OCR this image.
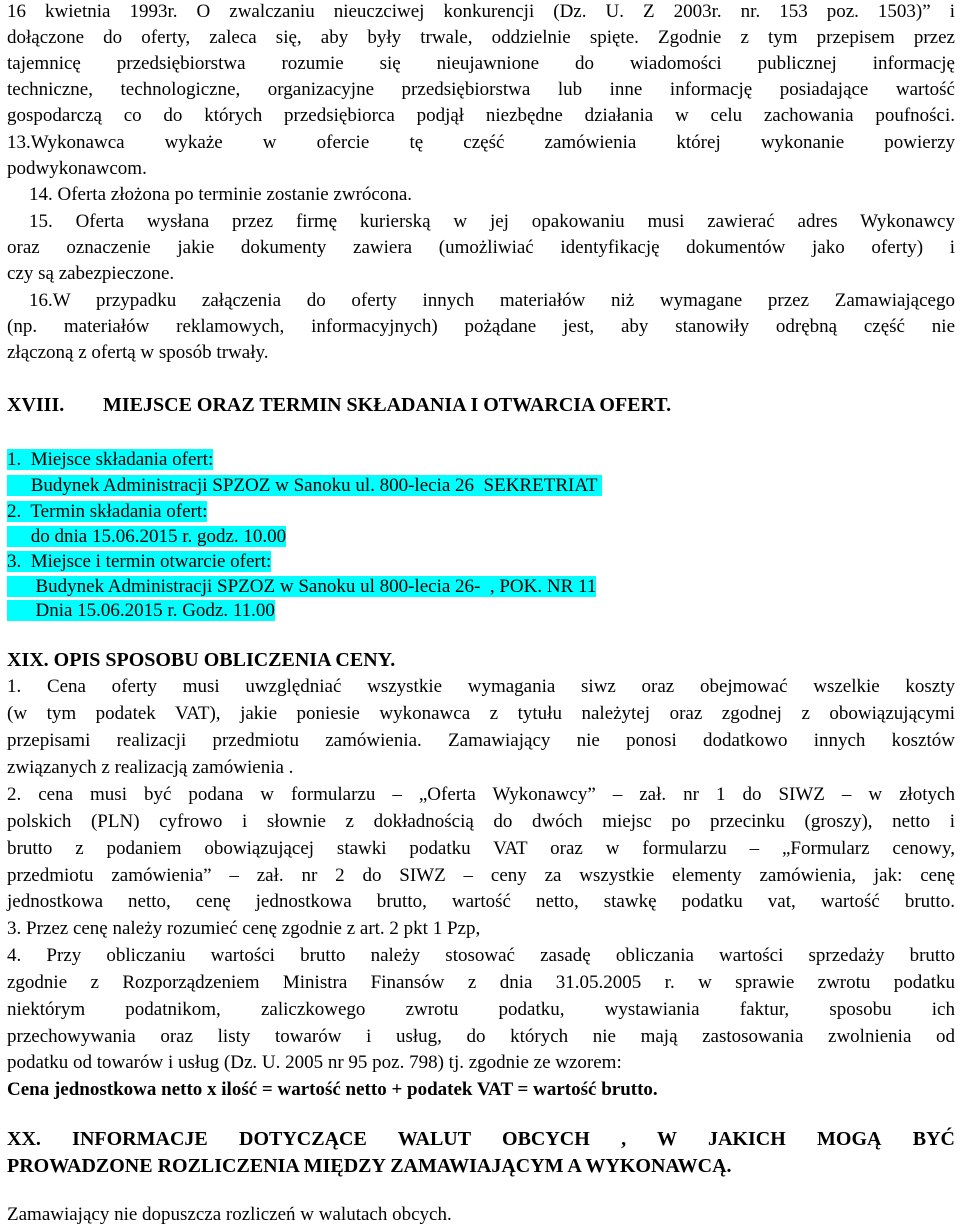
16 kwietnia 1993r. O zwalczaniu nieuczciwej konkurencji (Dz. U. Z 2003r. nr. 153 poz. 1503)” i
dołączone do oferty, zaleca się, aby były trwale, oddzielnie spięte. Zgodnie z tym przepisem przez
tajemnicę przedsiębiorstwa rozumie się nieujawnione do wiadomości publicznej informację
techniczne, technologiczne, organizacyjne przedsiębiorstwa lub inne informację posiadające wartość
gospodarczą co do których przedsiębiorca podjął niezbędne działania w celu zachowania poufności.
13.Wykonawca wykaże w ofercie tę część zamówienia której wykonanie powierzy
podwykonawcom.
14. Oferta złożona po terminie zostanie zwrócona.
15. Oferta wysłana przez firmę kurierską w jej opakowaniu musi zawierać adres Wykonawcy
oraz oznaczenie jakie dokumenty zawiera (umożliwiać identyfikację dokumentów jako oferty) i
czy są zabezpieczone.
16.W przypadku załączenia do oferty innych materiałów niż wymagane przez Zamawiającego
(np. materiałów reklamowych, informacyjnych) pożądane jest, aby stanowiły odrębną część nie
złączoną z ofertą w sposób trwały.
XVIII. MIEJSCE ORAZ TERMIN SKŁADANIA I OTWARCIA OFERT.
1.  Miejsce składania ofert:
Budynek Administracji SPZOZ w Sanoku ul. 800-lecia 26  SEKRETRIAT
2.  Termin składania ofert:
do dnia 15.06.2015 r. godz. 10.00
3.  Miejsce i termin otwarcie ofert:
Budynek Administracji SPZOZ w Sanoku ul 800-lecia 26-  , POK. NR 11
Dnia 15.06.2015 r. Godz. 11.00
XIX. OPIS SPOSOBU OBLICZENIA CENY.
1. Cena oferty musi uwzględniać wszystkie wymagania siwz oraz obejmować wszelkie koszty
(w tym podatek VAT), jakie poniesie wykonawca z tytułu należytej oraz zgodnej z obowiązującymi
przepisami realizacji przedmiotu zamówienia. Zamawiający nie ponosi dodatkowo innych kosztów
związanych z realizacją zamówienia .
2. cena musi być podana w formularzu – „Oferta Wykonawcy” – zał. nr 1 do SIWZ – w złotych
polskich (PLN) cyfrowo i słownie z dokładnością do dwóch miejsc po przecinku (groszy), netto i
brutto z podaniem obowiązującej stawki podatku VAT oraz w formularzu – „Formularz cenowy,
przedmiotu zamówienia” – zał. nr 2 do SIWZ – ceny za wszystkie elementy zamówienia, jak: cenę
jednostkowa netto, cenę jednostkowa brutto, wartość netto, stawkę podatku vat, wartość brutto.
3. Przez cenę należy rozumieć cenę zgodnie z art. 2 pkt 1 Pzp,
4. Przy obliczaniu wartości brutto należy stosować zasadę obliczania wartości sprzedaży brutto
zgodnie z Rozporządzeniem Ministra Finansów z dnia 31.05.2005 r. w sprawie zwrotu podatku
niektórym podatnikom, zaliczkowego zwrotu podatku, wystawiania faktur, sposobu ich
przechowywania oraz listy towarów i usług, do których nie mają zastosowania zwolnienia od
podatku od towarów i usług (Dz. U. 2005 nr 95 poz. 798) tj. zgodnie ze wzorem:
Cena jednostkowa netto x ilość = wartość netto + podatek VAT = wartość brutto.
XX. INFORMACJE DOTYCZĄCE WALUT OBCYCH , W JAKICH MOGĄ BYĆ
PROWADZONE ROZLICZENIA MIĘDZY ZAMAWIAJĄCYM A WYKONAWCĄ.
Zamawiający nie dopuszcza rozliczeń w walutach obcych.
